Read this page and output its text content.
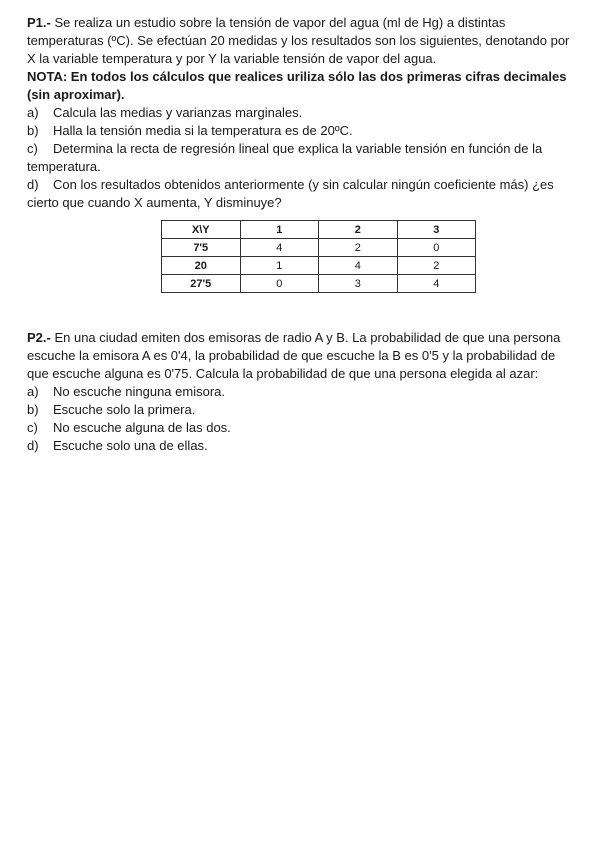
P1.- Se realiza un estudio sobre la tensión de vapor del agua (ml de Hg) a distintas temperaturas (ºC). Se efectúan 20 medidas y los resultados son los siguientes, denotando por X la variable temperatura y por Y la variable tensión de vapor del agua.

NOTA: En todos los cálculos que realices uriliza sólo las dos primeras cifras decimales (sin aproximar).

a)	Calcula las medias y varianzas marginales.
b)	Halla la tensión media si la temperatura es de 20ºC.

c) Determina la recta de regresión lineal que explica la variable tensión en función de la temperatura.

d) Con los resultados obtenidos anteriormente (y sin calcular ningún coeficiente más) ¿es cierto que cuando X aumenta, Y disminuye?

X\Y	1	2	3
7'5	4	2	0
20	1	4	2
27'5	0	3	4

P2.- En una ciudad emiten dos emisoras de radio A y B. La probabilidad de que una persona escuche la emisora A es 0'4, la probabilidad de que escuche la B es 0'5 y la probabilidad de que escuche alguna es 0'75. Calcula la probabilidad de que una persona elegida al azar:

a)	No escuche ninguna emisora.
b)	Escuche solo la primera.
c)	No escuche alguna de las dos.
d)	Escuche solo una de ellas.
